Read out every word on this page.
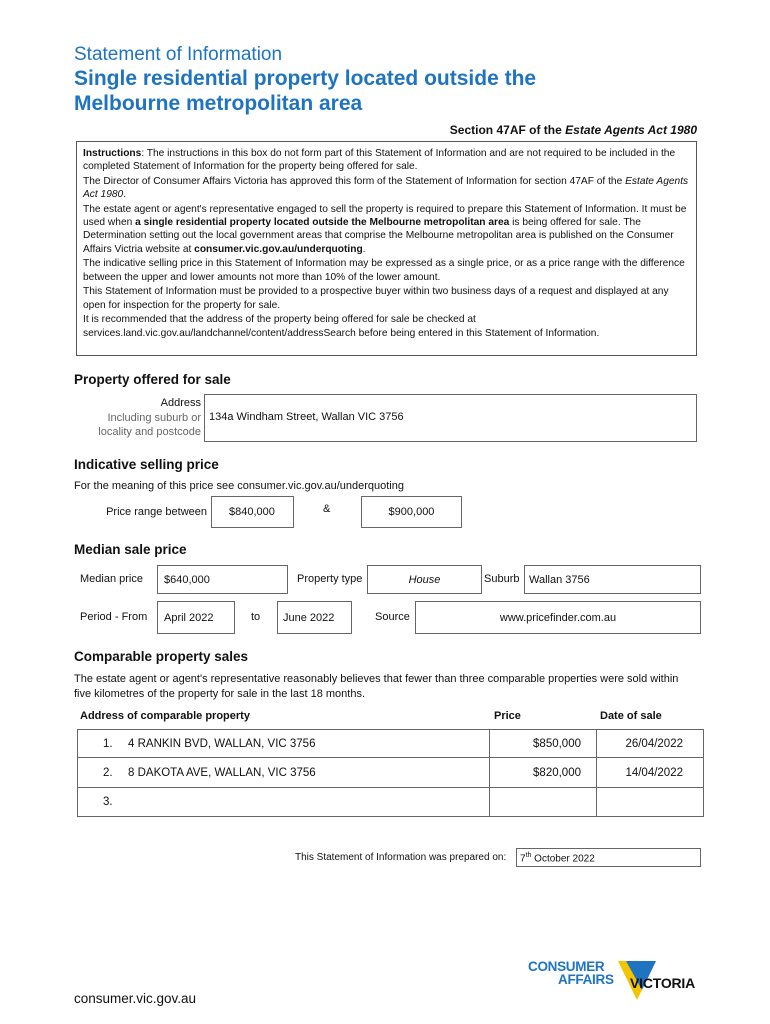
Statement of Information
Single residential property located outside the
Melbourne metropolitan area
Section 47AF of the Estate Agents Act 1980

Instructions: The instructions in this box do not form part of this Statement of Information and are not required to be included in the completed Statement of Information for the property being offered for sale.

The Director of Consumer Affairs Victoria has approved this form of the Statement of Information for section 47AF of the Estate Agents Act 1980.

The estate agent or agent's representative engaged to sell the property is required to prepare this Statement of Information. It must be used when a single residential property located outside the Melbourne metropolitan area is being offered for sale. The Determination setting out the local government areas that comprise the Melbourne metropolitan area is published on the Consumer Affairs Victria website at consumer.vic.gov.au/underquoting.

The indicative selling price in this Statement of Information may be expressed as a single price, or as a price range with the difference between the upper and lower amounts not more than 10% of the lower amount.

This Statement of Information must be provided to a prospective buyer within two business days of a request and displayed at any open for inspection for the property for sale.

It is recommended that the address of the property being offered for sale be checked at services.land.vic.gov.au/landchannel/content/addressSearch before being entered in this Statement of Information.

Property offered for sale
Address
Including suburb or
locality and postcode
134a Windham Street, Wallan VIC 3756
Indicative selling price
For the meaning of this price see consumer.vic.gov.au/underquoting
Price range between	$840,000	&	$900,000
Median sale price
Median price	$640,000	Property type	House	Suburb Wallan 3756
Period - From	April 2022	to	June 2022	Source	www.pricefinder.com.au
Comparable property sales
The estate agent or agent's representative reasonably believes that fewer than three comparable properties were sold within five kilometres of the property for sale in the last 18 months.
Address of comparable property	Price	Date of sale
1.	4 RANKIN BVD, WALLAN, VIC 3756	$850,000	26/04/2022
2.	8 DAKOTA AVE, WALLAN, VIC 3756	$820,000	14/04/2022
3.
This Statement of Information was prepared on:	7th October 2022
consumer.vic.gov.au
CONSUMER
AFFAIRS VICTORIA
